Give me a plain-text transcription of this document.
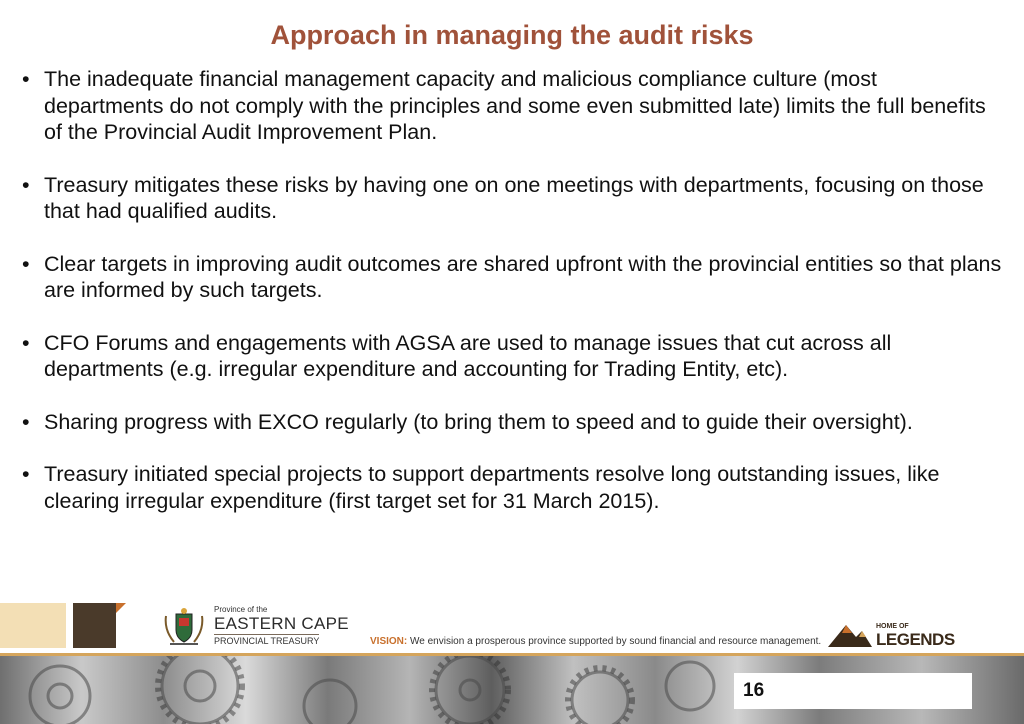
Approach in managing the audit risks
• The inadequate financial management capacity and malicious compliance culture (most departments do not comply with the principles and some even submitted late) limits the full benefits of the Provincial Audit Improvement Plan.
• Treasury mitigates these risks by having one on one meetings with departments, focusing on those that had qualified audits.
• Clear targets in improving audit outcomes are shared upfront with the provincial entities so that plans are informed by such targets.
• CFO Forums and engagements with AGSA are used to manage issues that cut across all departments (e.g. irregular expenditure and accounting for Trading Entity, etc).
• Sharing progress with EXCO regularly (to bring them to speed and to guide their oversight).
• Treasury initiated special projects to support departments resolve long outstanding issues, like clearing irregular expenditure (first target set for 31 March 2015).
Province of the
EASTERN CAPE
PROVINCIAL TREASURY	VISION: We envision a prosperous province supported by sound financial and resource management.
HOME OF
LEGENDS
16
